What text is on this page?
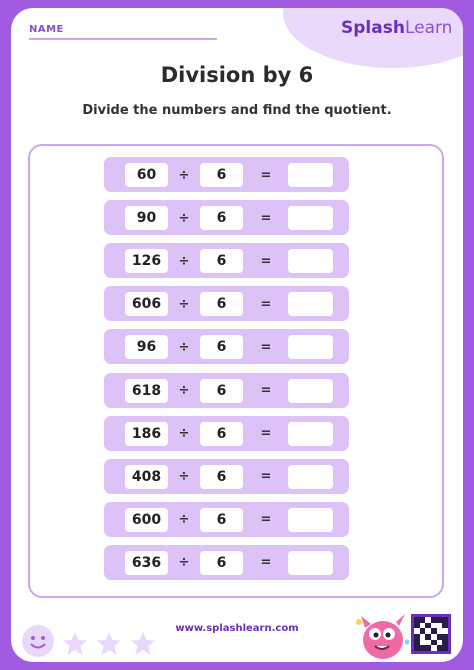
NAME	SplashLearn
Division by 6
Divide the numbers and find the quotient.
60	÷	6	=
90	÷	6	=
126	÷	6	=
606	÷	6	=
96	÷	6	=
618	÷	6	=
186	÷	6	=
408	÷	6	=
600	÷	6	=
636	÷	6	=
www.splashlearn.com
